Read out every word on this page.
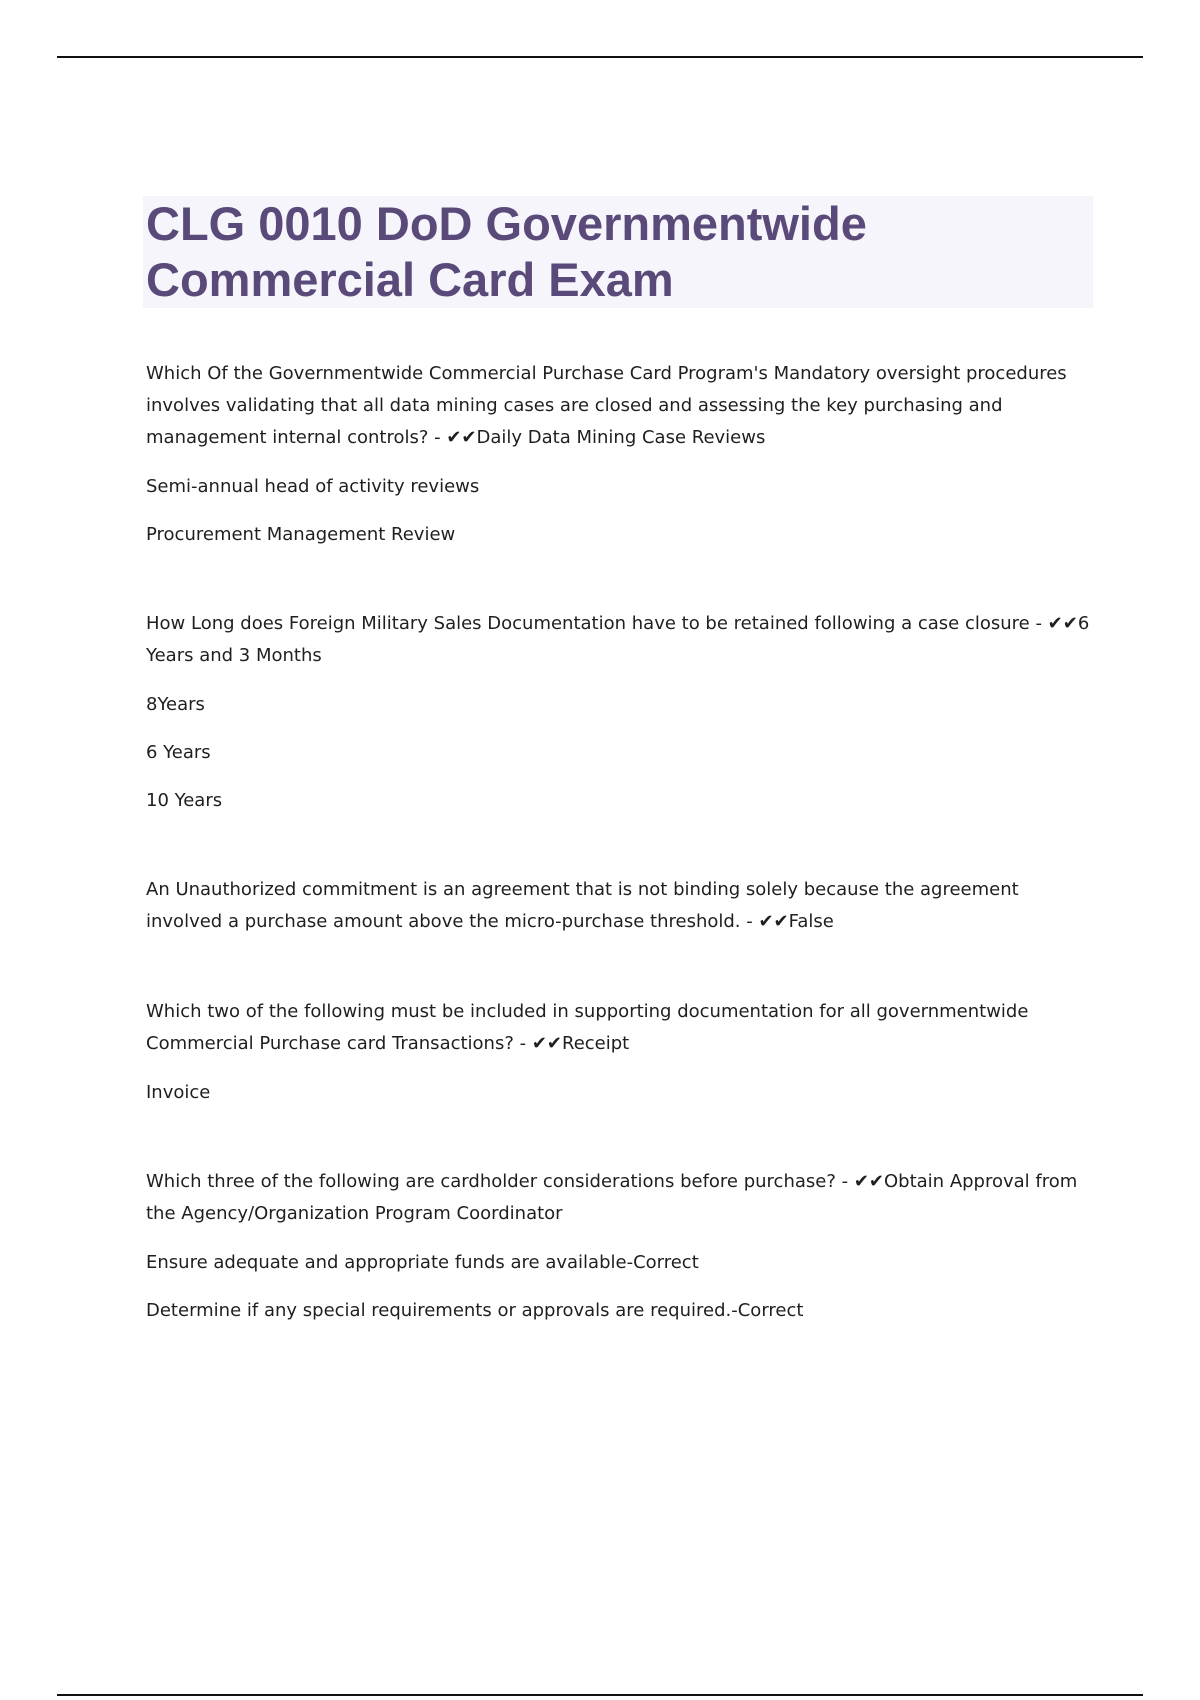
CLG 0010 DoD Governmentwide
Commercial Card Exam

Which Of the Governmentwide Commercial Purchase Card Program's Mandatory oversight procedures involves validating that all data mining cases are closed and assessing the key purchasing and management internal controls? - ✔✔Daily Data Mining Case Reviews

Semi-annual head of activity reviews

Procurement Management Review

How Long does Foreign Military Sales Documentation have to be retained following a case closure - ✔✔6 Years and 3 Months

8Years

6 Years

10 Years

An Unauthorized commitment is an agreement that is not binding solely because the agreement involved a purchase amount above the micro-purchase threshold. - ✔✔False

Which two of the following must be included in supporting documentation for all governmentwide Commercial Purchase card Transactions? - ✔✔Receipt

Invoice

Which three of the following are cardholder considerations before purchase? - ✔✔Obtain Approval from the Agency/Organization Program Coordinator

Ensure adequate and appropriate funds are available-Correct

Determine if any special requirements or approvals are required.-Correct
